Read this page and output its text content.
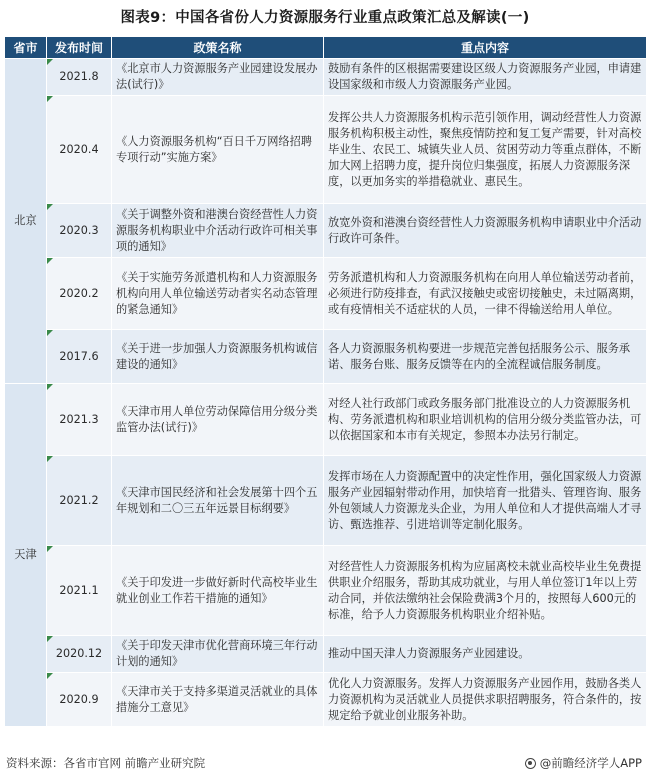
图表9：中国各省份人力资源服务行业重点政策汇总及解读(一)
省市	发布时间	政策名称	重点内容
北京	2021.8	《北京市人力资源服务产业园建设发展办法(试行)》	鼓励有条件的区根据需要建设区级人力资源服务产业园，申请建设国家级和市级人力资源服务产业园。

2020.4	《人力资源服务机构“百日千万网络招聘专项行动”实施方案》	发挥公共人力资源服务机构示范引领作用，调动经营性人力资源服务机构积极主动性，聚焦疫情防控和复工复产需要，针对高校毕业生、农民工、城镇失业人员、贫困劳动力等重点群体，不断加大网上招聘力度，提升岗位归集强度，拓展人力资源服务深度，以更加务实的举措稳就业、惠民生。

2020.3	《关于调整外资和港澳台资经营性人力资源服务机构职业中介活动行政许可相关事项的通知》	放宽外资和港澳台资经营性人力资源服务机构申请职业中介活动行政许可条件。

2020.2	《关于实施劳务派遣机构和人力资源服务机构向用人单位输送劳动者实名动态管理的紧急通知》	劳务派遣机构和人力资源服务机构在向用人单位输送劳动者前，必须进行防疫排查，有武汉接触史或密切接触史，未过隔离期，或有疫情相关不适症状的人员，一律不得输送给用人单位。

2017.6	《关于进一步加强人力资源服务机构诚信建设的通知》	各人力资源服务机构要进一步规范完善包括服务公示、服务承诺、服务台账、服务反馈等在内的全流程诚信服务制度。
天津	2021.3	《天津市用人单位劳动保障信用分级分类监管办法(试行)》	对经人社行政部门或政务服务部门批准设立的人力资源服务机构、劳务派遣机构和职业培训机构的信用分级分类监管办法，可以依据国家和本市有关规定，参照本办法另行制定。

2021.2	《天津市国民经济和社会发展第十四个五年规划和二〇三五年远景目标纲要》	发挥市场在人力资源配置中的决定性作用，强化国家级人力资源服务产业园辐射带动作用，加快培育一批猎头、管理咨询、服务外包领域人力资源龙头企业，为用人单位和人才提供高端人才寻访、甄选推荐、引进培训等定制化服务。

2021.1	《关于印发进一步做好新时代高校毕业生就业创业工作若干措施的通知》	对经营性人力资源服务机构为应届离校未就业高校毕业生免费提供职业介绍服务，帮助其成功就业，与用人单位签订1年以上劳动合同，并依法缴纳社会保险费满3个月的，按照每人600元的标准，给予人力资源服务机构职业介绍补贴。

2020.12	《关于印发天津市优化营商环境三年行动计划的通知》	推动中国天津人力资源服务产业园建设。

2020.9	《天津市关于支持多渠道灵活就业的具体措施分工意见》	优化人力资源服务。发挥人力资源服务产业园作用，鼓励各类人力资源机构为灵活就业人员提供求职招聘服务，符合条件的，按规定给予就业创业服务补助。
资料来源：各省市官网 前瞻产业研究院	@前瞻经济学人APP
